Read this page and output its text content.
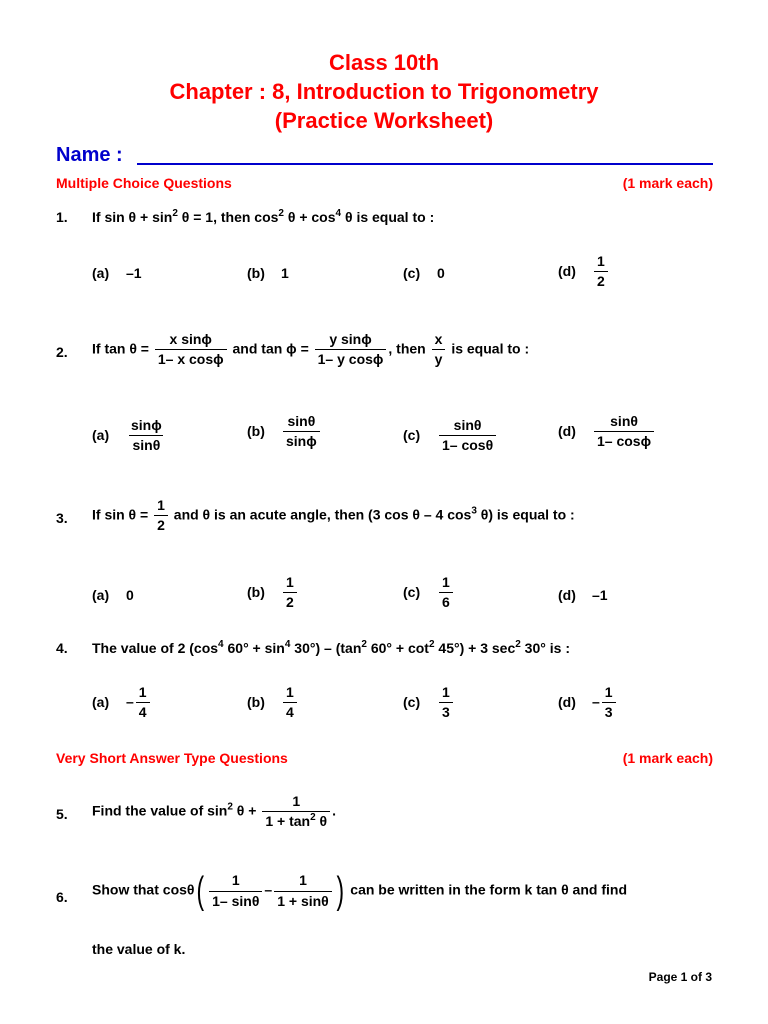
Class 10th
Chapter : 8, Introduction to Trigonometry
(Practice Worksheet)
Name :
Multiple Choice Questions	(1 mark each)
1. If $\sin \theta + \sin^2 \theta = 1$, then $\cos^2 \theta + \cos^4 \theta$ is equal to :
(a) –1	(b) 1	(c) 0	$(d) \frac{1}{2}$
2. If $\tan \theta = \frac{\text{x sinϕ}}{\text{1– x cosϕ}}$ and $\tan \phi = \frac{\text{y sinϕ}}{\text{1– y cosϕ}}$ , then $\frac{x}{y}$ is equal to :
$(a) \frac{\sin\phi}{\sin\theta}$	$(b) \frac{\sin\theta}{\sin\phi}$	$(c) \frac{\sin\theta}{1- \cos\theta}$	$(d) \frac{\sin\theta}{1- \cos\phi}$
3. If $\sin \theta = \frac{1}{2}$ and θ is an acute angle, then (3 cos θ – 4 $\cos^3 \theta$) is equal to :
(a) 0	$(b) \frac{1}{2}$	$(c) \frac{1}{6}$	(d) –1
4. The value of 2 ($\cos^4$ $60^\circ + \sin^4 30^\circ) - (\tan^2$ $60^\circ + \cot^2 45^\circ) + 3$ $\sec^2 30^\circ$ is :
$(a) - \frac{1}{4}$	$(b) \frac{1}{4}$	$(c) \frac{1}{3}$	$(d) - \frac{1}{3}$
Very Short Answer Type Questions	(1 mark each)
5. Find the value of $\sin^2 \theta + \frac{1}{1 + \tan^2 \theta}$ .
6. Show that $\cos\theta( \frac{1}{1- \sin\theta} - \frac{1}{1 + \sin\theta}$ ) can be written in the form k tan θ and find
the value of k.
Page 1 of 3
